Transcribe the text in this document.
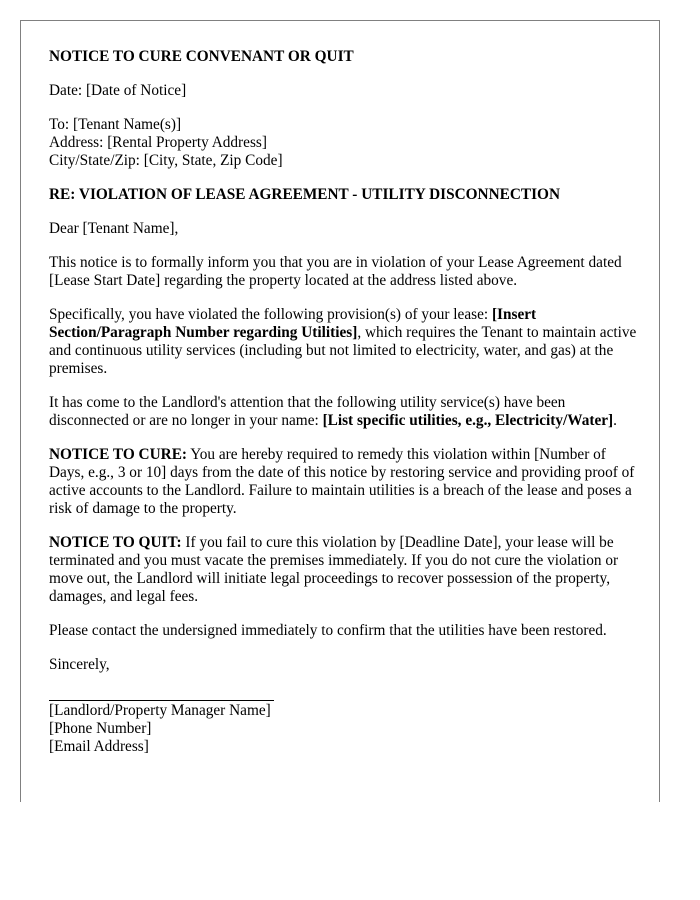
NOTICE TO CURE CONVENANT OR QUIT
Date: [Date of Notice]
To: [Tenant Name(s)]
Address: [Rental Property Address]
City/State/Zip: [City, State, Zip Code]
RE: VIOLATION OF LEASE AGREEMENT - UTILITY DISCONNECTION
Dear [Tenant Name],
This notice is to formally inform you that you are in violation of your Lease Agreement dated [Lease Start Date] regarding the property located at the address listed above.
Specifically, you have violated the following provision(s) of your lease: [Insert Section/Paragraph Number regarding Utilities], which requires the Tenant to maintain active and continuous utility services (including but not limited to electricity, water, and gas) at the premises.
It has come to the Landlord's attention that the following utility service(s) have been disconnected or are no longer in your name: [List specific utilities, e.g., Electricity/Water].
NOTICE TO CURE: You are hereby required to remedy this violation within [Number of Days, e.g., 3 or 10] days from the date of this notice by restoring service and providing proof of active accounts to the Landlord. Failure to maintain utilities is a breach of the lease and poses a risk of damage to the property.
NOTICE TO QUIT: If you fail to cure this violation by [Deadline Date], your lease will be terminated and you must vacate the premises immediately. If you do not cure the violation or move out, the Landlord will initiate legal proceedings to recover possession of the property, damages, and legal fees.
Please contact the undersigned immediately to confirm that the utilities have been restored.
Sincerely,
[Landlord/Property Manager Name]
[Phone Number]
[Email Address]
